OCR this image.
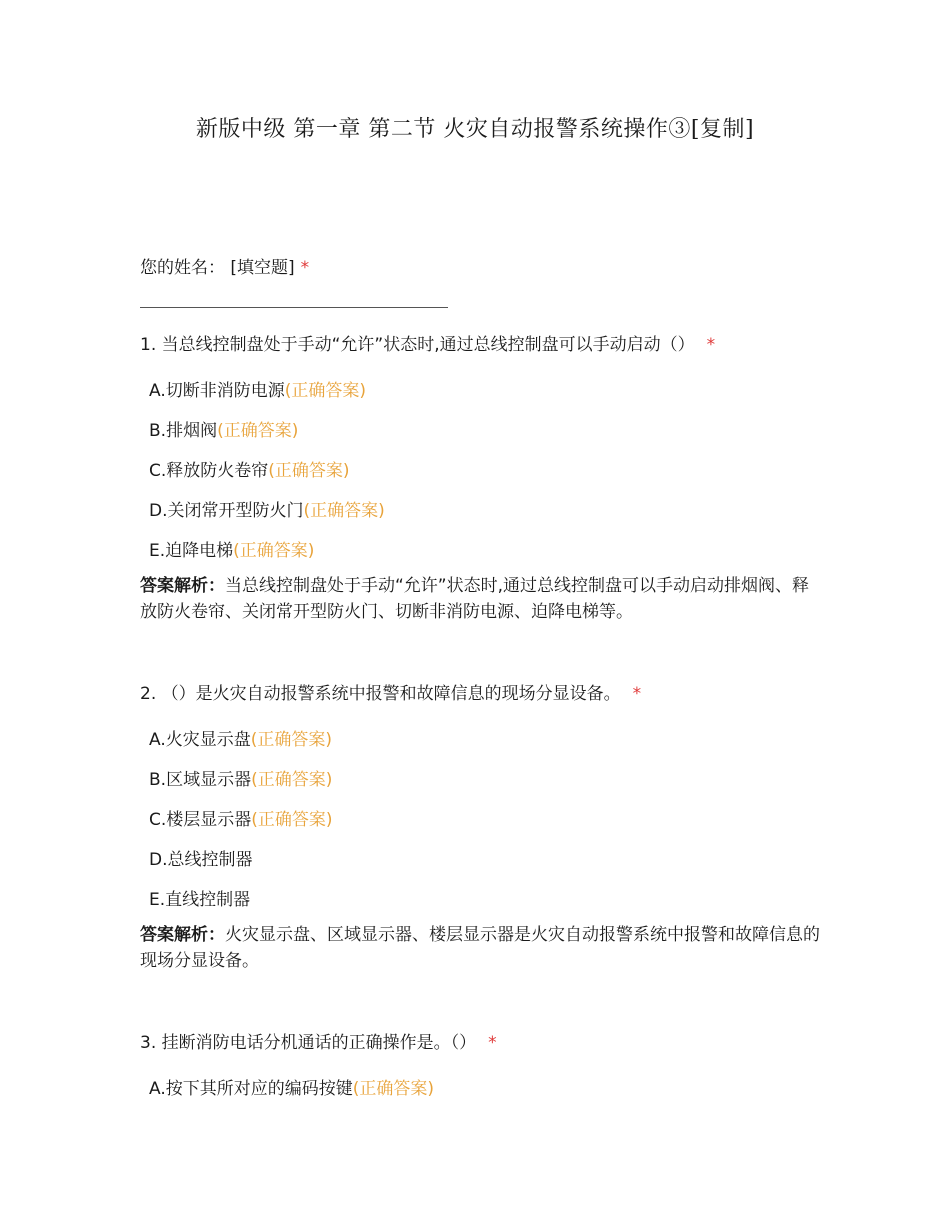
新版中级 第一章 第二节 火灾自动报警系统操作③[复制]
您的姓名： [填空题] *
1. 当总线控制盘处于手动“允许”状态时,通过总线控制盘可以手动启动（） *
A.切断非消防电源(正确答案)
B.排烟阀(正确答案)
C.释放防火卷帘(正确答案)
D.关闭常开型防火门(正确答案)
E.迫降电梯(正确答案)
答案解析：当总线控制盘处于手动“允许”状态时,通过总线控制盘可以手动启动排烟阀、释放防火卷帘、关闭常开型防火门、切断非消防电源、迫降电梯等。
2. （）是火灾自动报警系统中报警和故障信息的现场分显设备。 *
A.火灾显示盘(正确答案)
B.区域显示器(正确答案)
C.楼层显示器(正确答案)
D.总线控制器
E.直线控制器
答案解析：火灾显示盘、区域显示器、楼层显示器是火灾自动报警系统中报警和故障信息的现场分显设备。
3. 挂断消防电话分机通话的正确操作是。（） *
A.按下其所对应的编码按键(正确答案)
